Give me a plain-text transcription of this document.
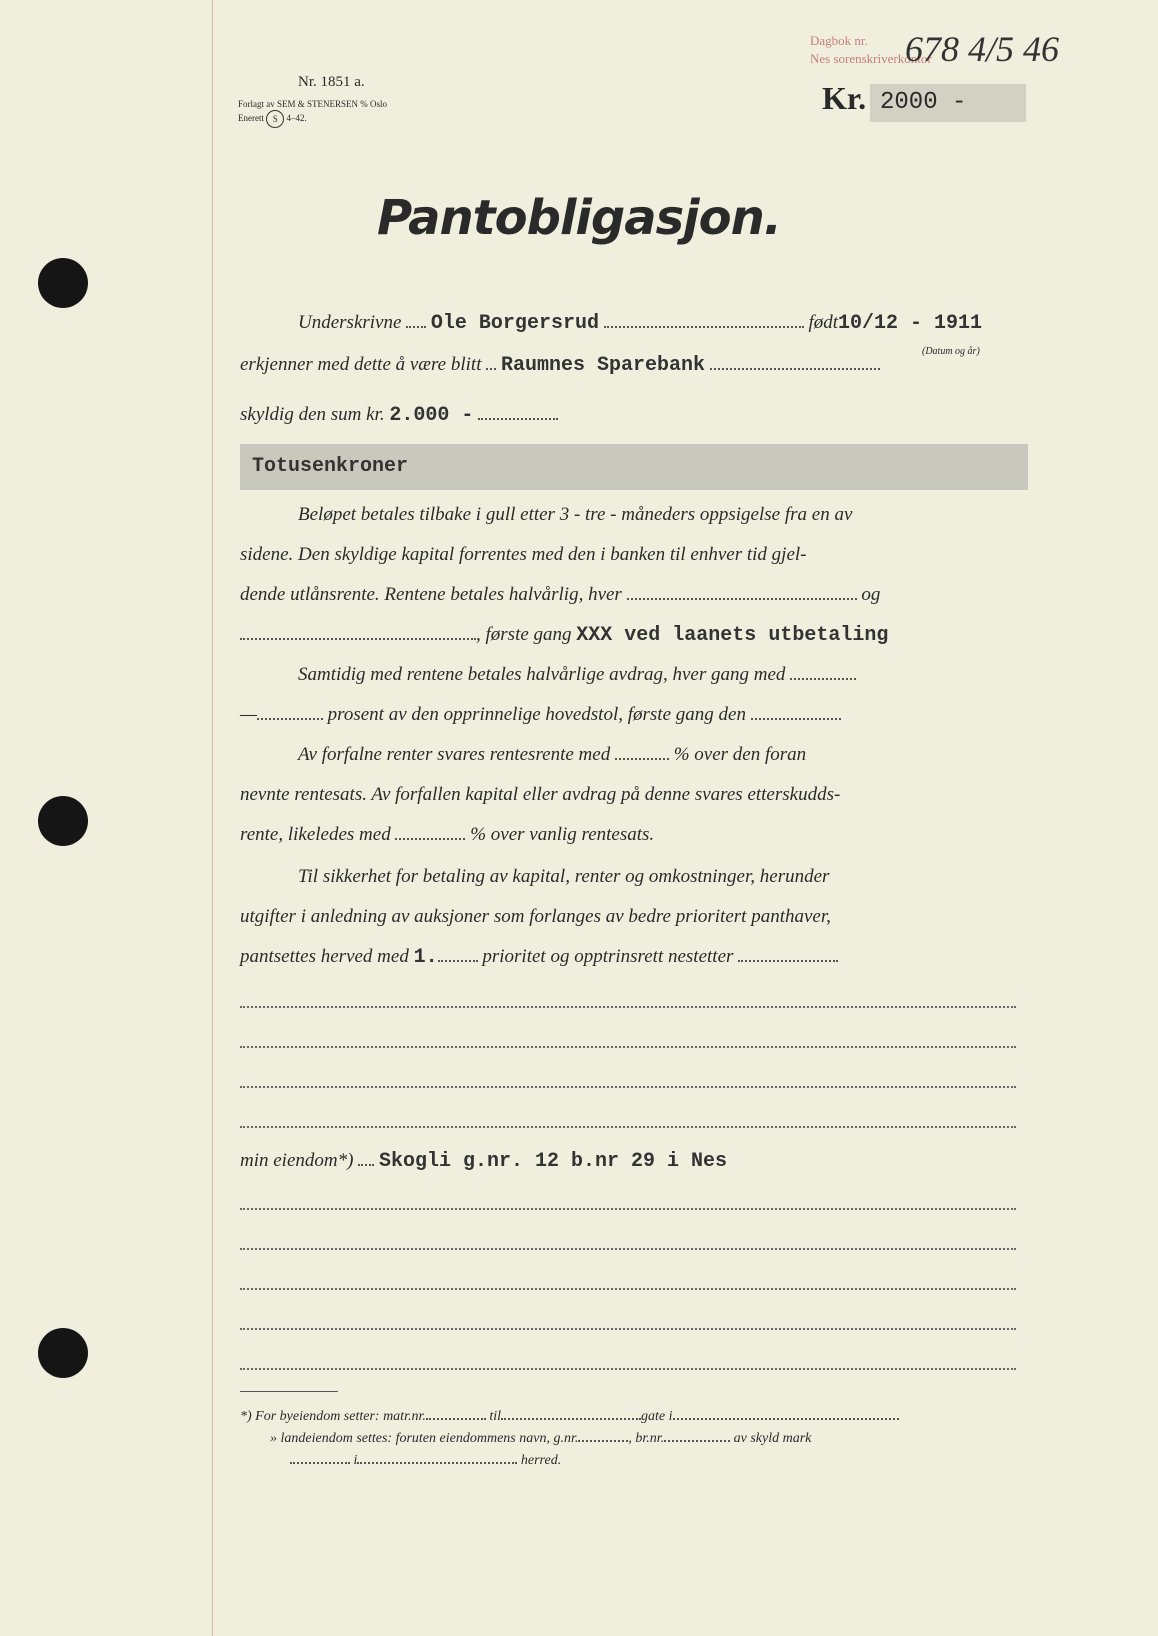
Nr. 1851 a.
Forlagt av SEM & STENERSEN % Oslo
Enerett S 4–42.
Dagbok nr.
Nes sorenskriverkontor
678 4/5 46
Kr. 2000 -
Pantobligasjon.
Underskrivne Ole Borgersrud	født10/12 - 1911
(Datum og år)
erkjenner med dette å være blitt Raumnes Sparebank
skyldig den sum kr. 2.000 -
Totusenkroner
Beløpet betales tilbake i gull etter 3 - tre - måneders oppsigelse fra en av
sidene. Den skyldige kapital forrentes med den i banken til enhver tid gjel-
dende utlånsrente. Rentene betales halvårlig, hver	og
, første gang XXX ved laanets utbetaling
Samtidig med rentene betales halvårlige avdrag, hver gang med
—	prosent av den opprinnelige hovedstol, første gang den
Av forfalne renter svares rentesrente med	% over den foran
nevnte rentesats. Av forfallen kapital eller avdrag på denne svares etterskudds-
rente, likeledes med	% over vanlig rentesats.
Til sikkerhet for betaling av kapital, renter og omkostninger, herunder
utgifter i anledning av auksjoner som forlanges av bedre prioritert panthaver,
pantsettes herved med 1. prioritet og opptrinsrett nestetter
min eiendom*) Skogli g.nr. 12 b.nr 29 i Nes
*) For byeiendom setter: matr.nr.	til	gate i
» landeiendom settes: foruten eiendommens navn, g.nr.	, br.nr.	av skyld mark
i	herred.
